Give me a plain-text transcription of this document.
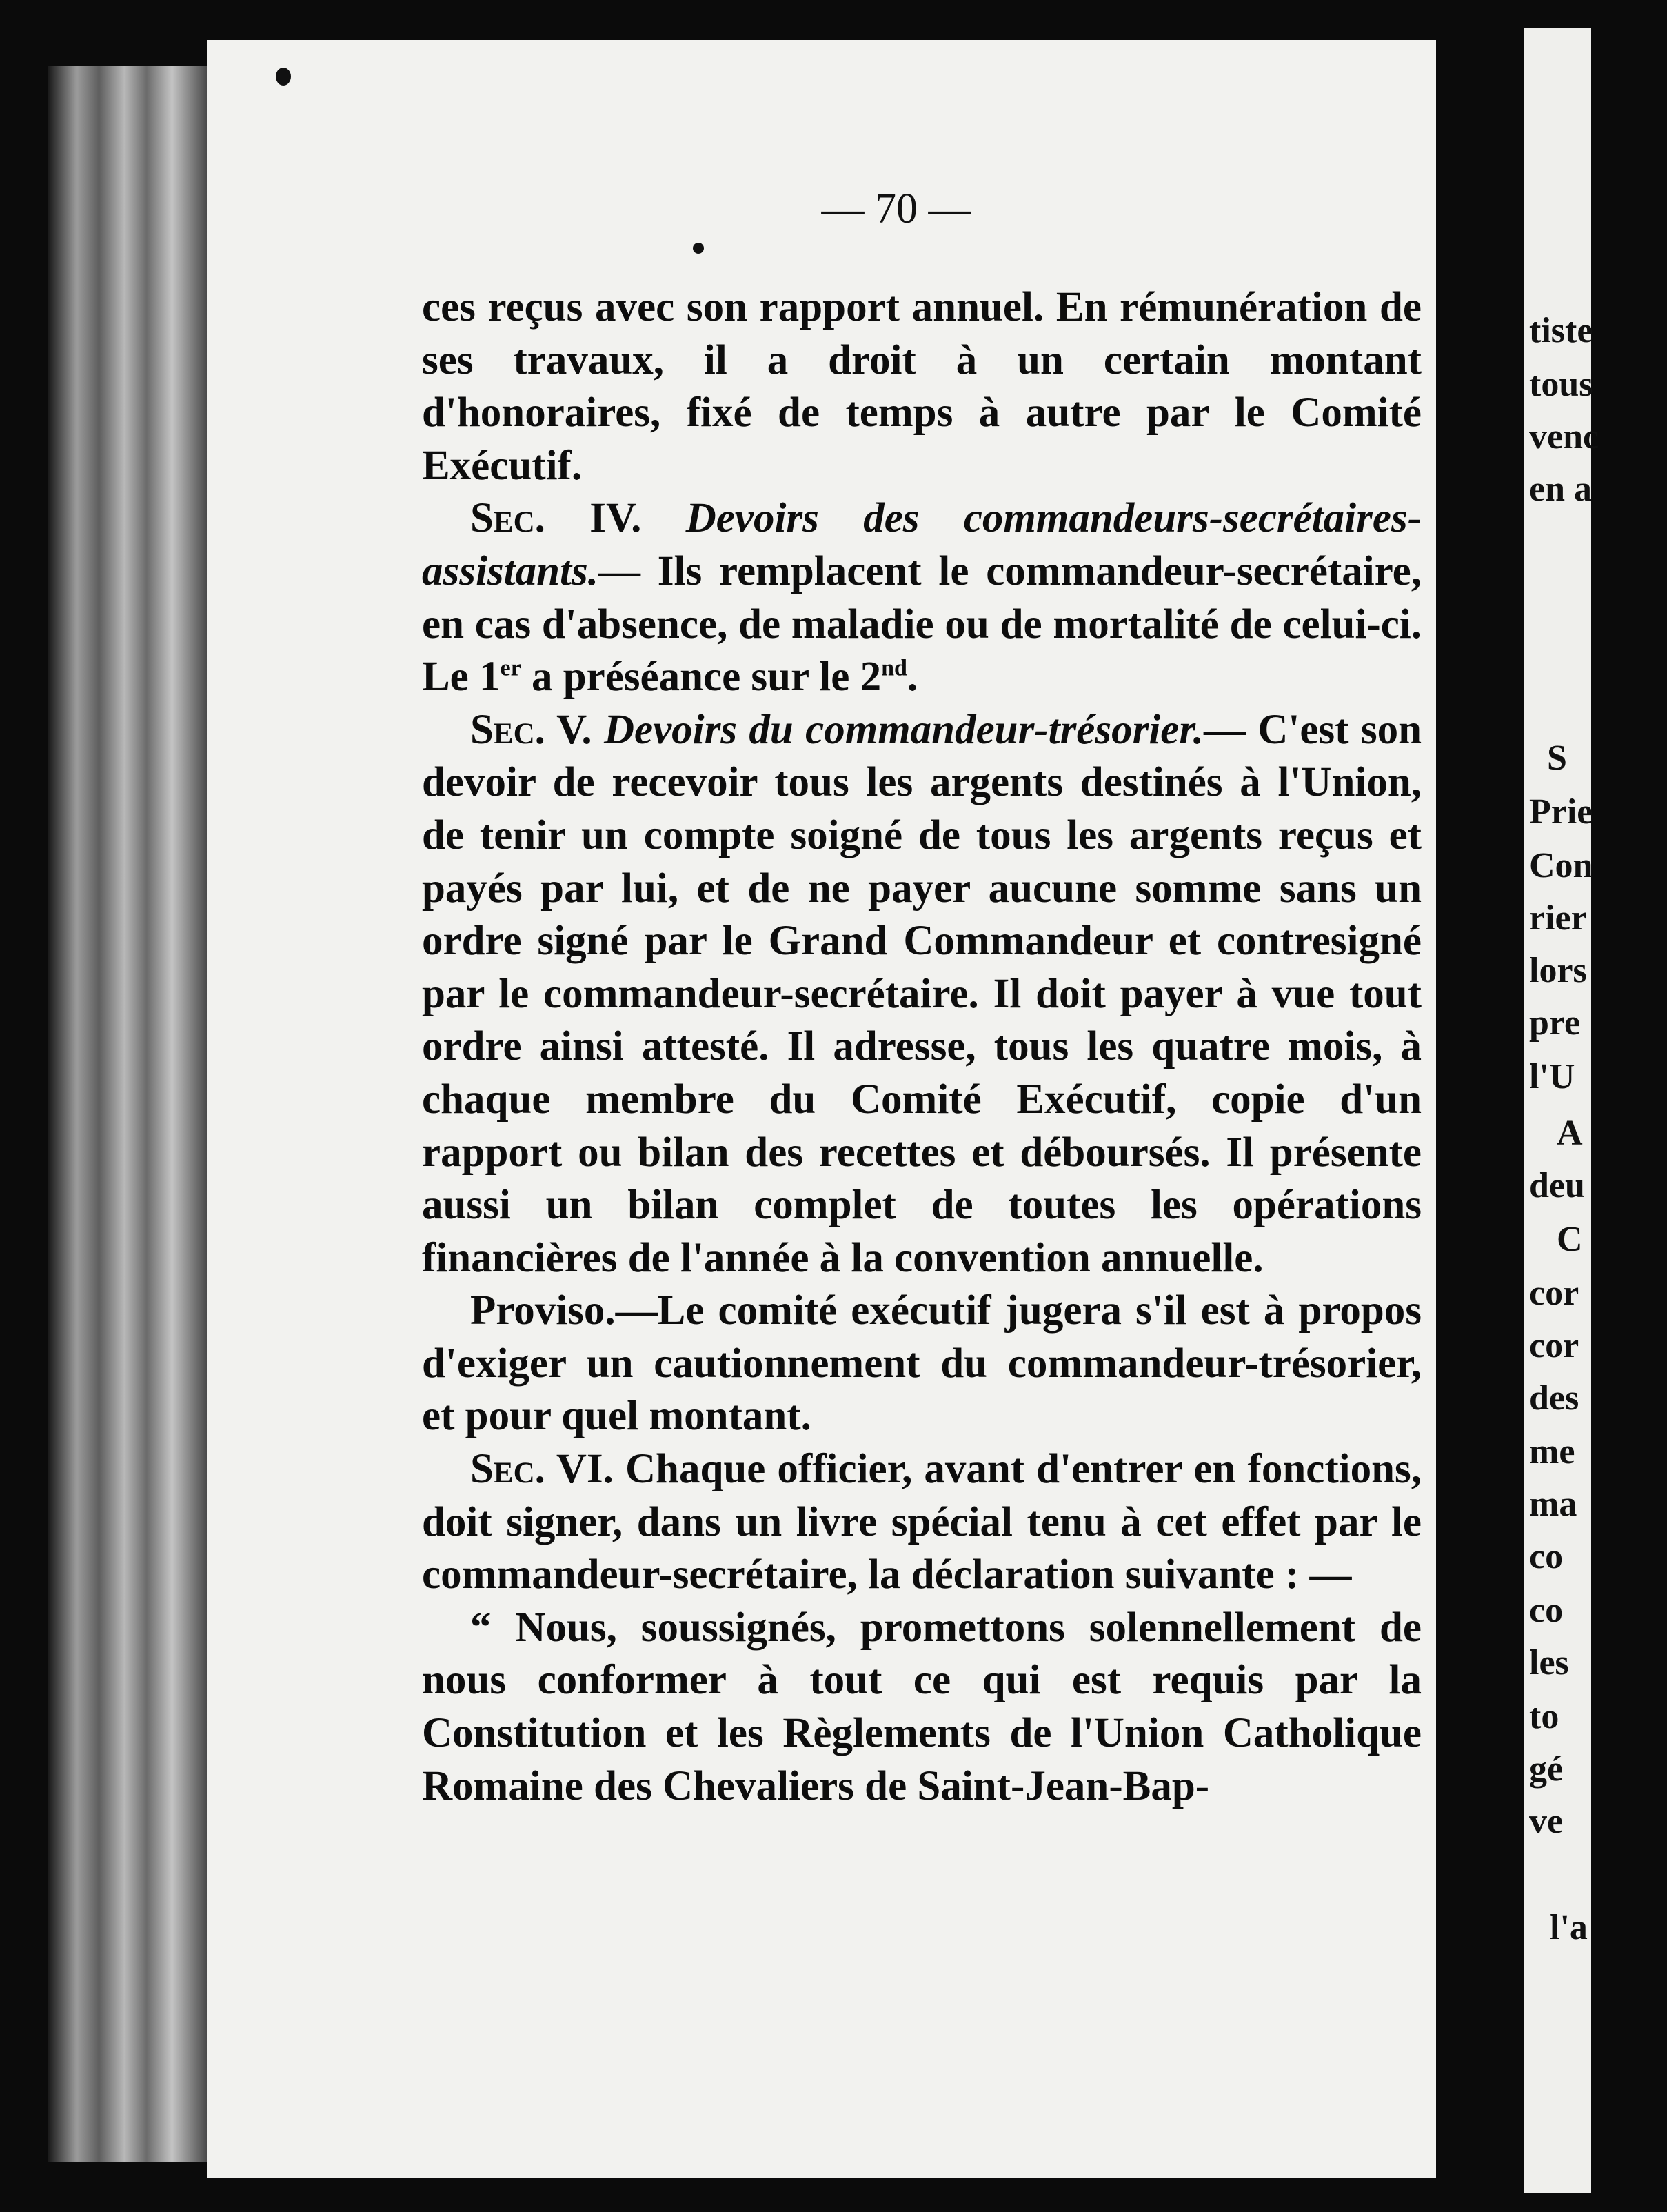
— 70 —

ces reçus avec son rapport annuel. En rémunération de ses travaux, il a droit à un certain montant d'honoraires, fixé de temps à autre par le Comité Exécutif.

Sec. IV. Devoirs des commandeurs-secrétaires-assistants.— Ils remplacent le commandeur-secrétaire, en cas d'absence, de maladie ou de mortalité de celui-ci. Le 1er a préséance sur le 2nd.

Sec. V. Devoirs du commandeur-trésorier.— C'est son devoir de recevoir tous les argents destinés à l'Union, de tenir un compte soigné de tous les argents reçus et payés par lui, et de ne payer aucune somme sans un ordre signé par le Grand Commandeur et contresigné par le commandeur-secrétaire. Il doit payer à vue tout ordre ainsi attesté. Il adresse, tous les quatre mois, à chaque membre du Comité Exécutif, copie d'un rapport ou bilan des recettes et déboursés. Il présente aussi un bilan complet de toutes les opérations financières de l'année à la convention annuelle.

Proviso.—Le comité exécutif jugera s'il est à propos d'exiger un cautionnement du commandeur-trésorier, et pour quel montant.

Sec. VI. Chaque officier, avant d'entrer en fonctions, doit signer, dans un livre spécial tenu à cet effet par le commandeur-secrétaire, la déclaration suivante : —

“ Nous, soussignés, promettons solennellement de nous conformer à tout ce qui est requis par la Constitution et les Règlements de l'Union Catholique Romaine des Chevaliers de Saint-Jean-Bap-

tiste
tous
venc
en a
S
Prie
Con
rier
lors
pre
l'U
A
deu
C
cor
cor
des
me
ma
co
co
les
to
gé
ve
l'a
